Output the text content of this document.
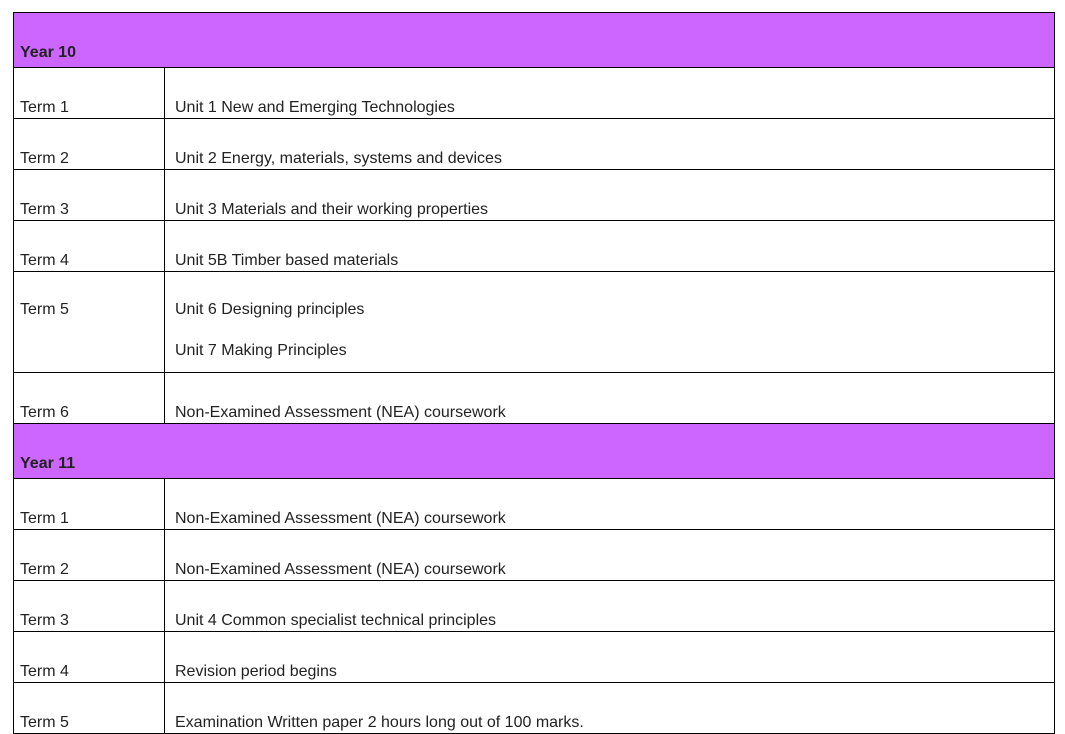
Year 10	
Term 1	Unit 1 New and Emerging Technologies
Term 2	Unit 2 Energy, materials, systems and devices
Term 3	Unit 3 Materials and their working properties
Term 4	Unit 5B Timber based materials

Term 5	Unit 6 Designing principles
Unit 7 Making Principles

Term 6	Non-Examined Assessment (NEA) coursework
Year 11	
Term 1	Non-Examined Assessment (NEA) coursework
Term 2	Non-Examined Assessment (NEA) coursework
Term 3	Unit 4 Common specialist technical principles
Term 4	Revision period begins
Term 5	Examination Written paper 2 hours long out of 100 marks.
